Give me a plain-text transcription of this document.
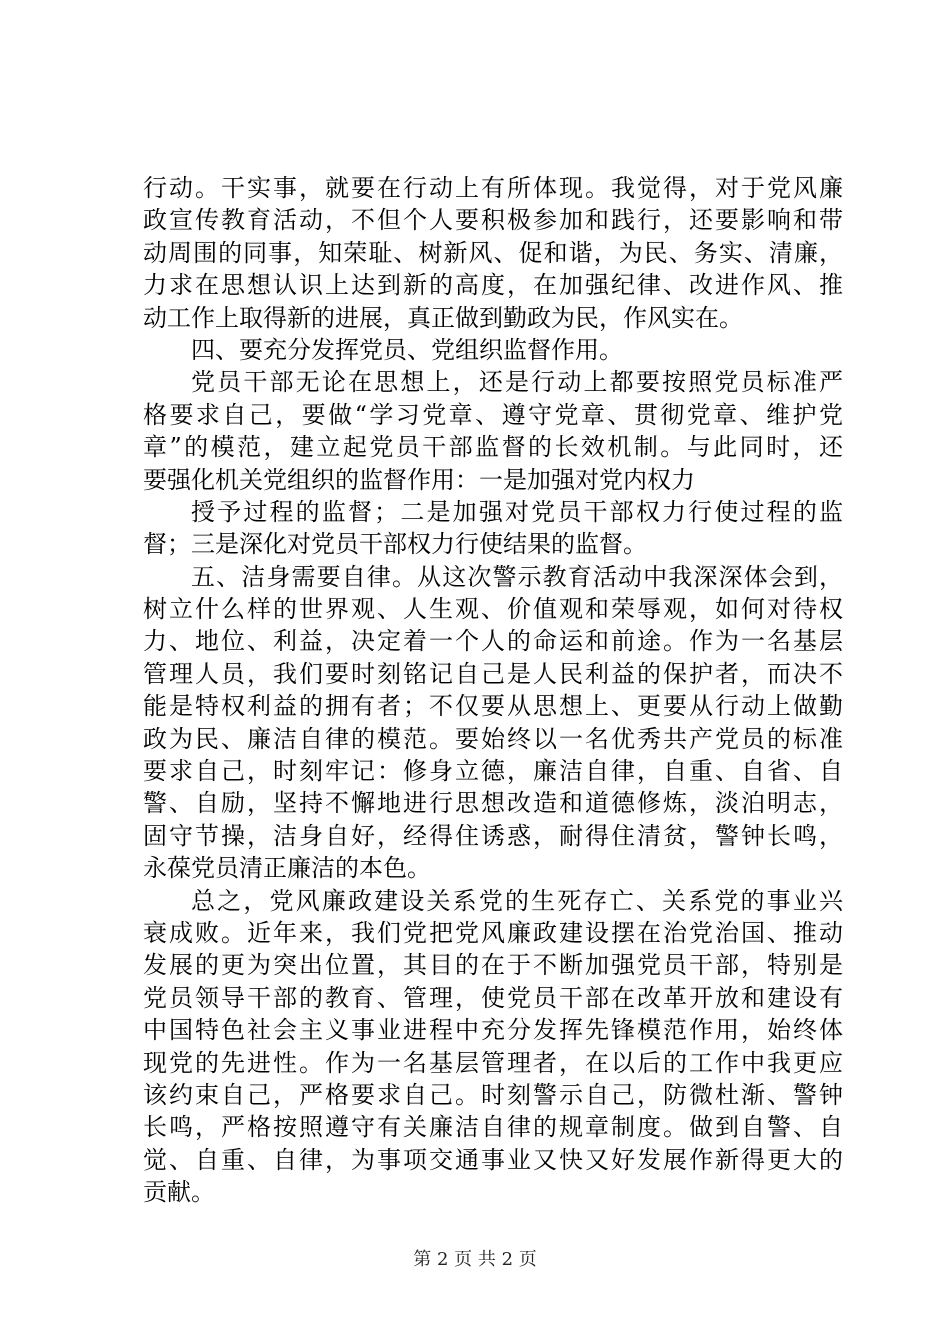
行动。干实事，就要在行动上有所体现。我觉得，对于党风廉
政宣传教育活动，不但个人要积极参加和践行，还要影响和带
动周围的同事，知荣耻、树新风、促和谐，为民、务实、清廉，
力求在思想认识上达到新的高度，在加强纪律、改进作风、推
动工作上取得新的进展，真正做到勤政为民，作风实在。
四、要充分发挥党员、党组织监督作用。
党员干部无论在思想上，还是行动上都要按照党员标准严
格要求自己，要做“学习党章、遵守党章、贯彻党章、维护党
章”的模范，建立起党员干部监督的长效机制。与此同时，还
要强化机关党组织的监督作用：一是加强对党内权力
授予过程的监督；二是加强对党员干部权力行使过程的监
督；三是深化对党员干部权力行使结果的监督。
五、洁身需要自律。从这次警示教育活动中我深深体会到，
树立什么样的世界观、人生观、价值观和荣辱观，如何对待权
力、地位、利益，决定着一个人的命运和前途。作为一名基层
管理人员，我们要时刻铭记自己是人民利益的保护者，而决不
能是特权利益的拥有者；不仅要从思想上、更要从行动上做勤
政为民、廉洁自律的模范。要始终以一名优秀共产党员的标准
要求自己，时刻牢记：修身立德，廉洁自律，自重、自省、自
警、自励，坚持不懈地进行思想改造和道德修炼，淡泊明志，
固守节操，洁身自好，经得住诱惑，耐得住清贫，警钟长鸣，
永葆党员清正廉洁的本色。
总之，党风廉政建设关系党的生死存亡、关系党的事业兴
衰成败。近年来，我们党把党风廉政建设摆在治党治国、推动
发展的更为突出位置，其目的在于不断加强党员干部，特别是
党员领导干部的教育、管理，使党员干部在改革开放和建设有
中国特色社会主义事业进程中充分发挥先锋模范作用，始终体
现党的先进性。作为一名基层管理者，在以后的工作中我更应
该约束自己，严格要求自己。时刻警示自己，防微杜渐、警钟
长鸣，严格按照遵守有关廉洁自律的规章制度。做到自警、自
觉、自重、自律，为事项交通事业又快又好发展作新得更大的
贡献。
第 2 页 共 2 页
